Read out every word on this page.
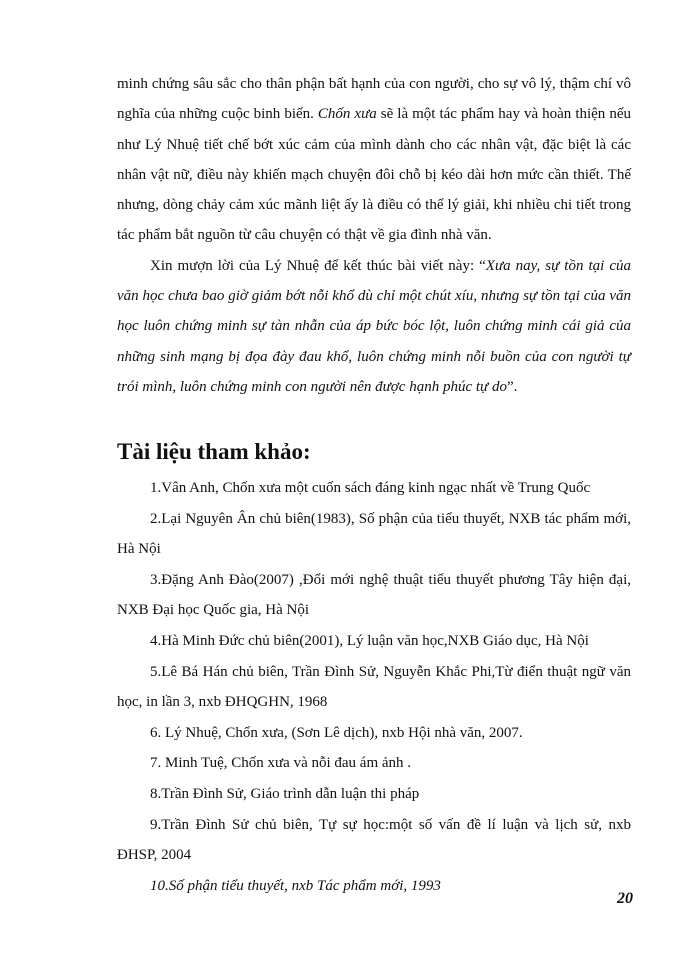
minh chứng sâu sắc cho thân phận bất hạnh của con người, cho sự vô lý, thậm chí vô nghĩa của những cuộc binh biến. Chốn xưa sẽ là một tác phẩm hay và hoàn thiện nếu như Lý Nhuệ tiết chế bớt xúc cảm của mình dành cho các nhân vật, đặc biệt là các nhân vật nữ, điều này khiến mạch chuyện đôi chỗ bị kéo dài hơn mức cần thiết. Thế nhưng, dòng chảy cảm xúc mãnh liệt ấy là điều có thể lý giải, khi nhiều chi tiết trong tác phẩm bắt nguồn từ câu chuyện có thật về gia đình nhà văn.

Xin mượn lời của Lý Nhuệ để kết thúc bài viết này: “Xưa nay, sự tồn tại của văn học chưa bao giờ giảm bớt nỗi khổ dù chỉ một chút xíu, nhưng sự tồn tại của văn học luôn chứng minh sự tàn nhẫn của áp bức bóc lột, luôn chứng minh cái giả của những sinh mạng bị đọa đày đau khổ, luôn chứng minh nỗi buồn của con người tự trói mình, luôn chứng minh con người nên được hạnh phúc tự do”.

Tài liệu tham khảo:

1.Vân Anh, Chốn xưa một cuốn sách đáng kinh ngạc nhất về Trung Quốc

2.Lại Nguyên Ân chủ biên(1983), Số phận của tiểu thuyết, NXB tác phẩm mới, Hà Nội

3.Đặng Anh Đào(2007) ,Đổi mới nghệ thuật tiểu thuyết phương Tây hiện đại, NXB Đại học Quốc gia, Hà Nội

4.Hà Minh Đức chủ biên(2001), Lý luận văn học,NXB Giáo dục, Hà Nội

5.Lê Bá Hán chủ biên, Trần Đình Sử, Nguyễn Khắc Phi,Từ điển thuật ngữ văn học, in lần 3, nxb ĐHQGHN, 1968

6. Lý Nhuệ, Chốn xưa, (Sơn Lê dịch), nxb Hội nhà văn, 2007.

7. Minh Tuệ, Chốn xưa và nỗi đau ám ảnh .

8.Trần Đình Sử, Giáo trình dẫn luận thi pháp

9.Trần Đình Sử chủ biên, Tự sự học:một số vấn đề lí luận và lịch sử, nxb ĐHSP, 2004

10.Số phận tiểu thuyết, nxb Tác phẩm mới, 1993

20
